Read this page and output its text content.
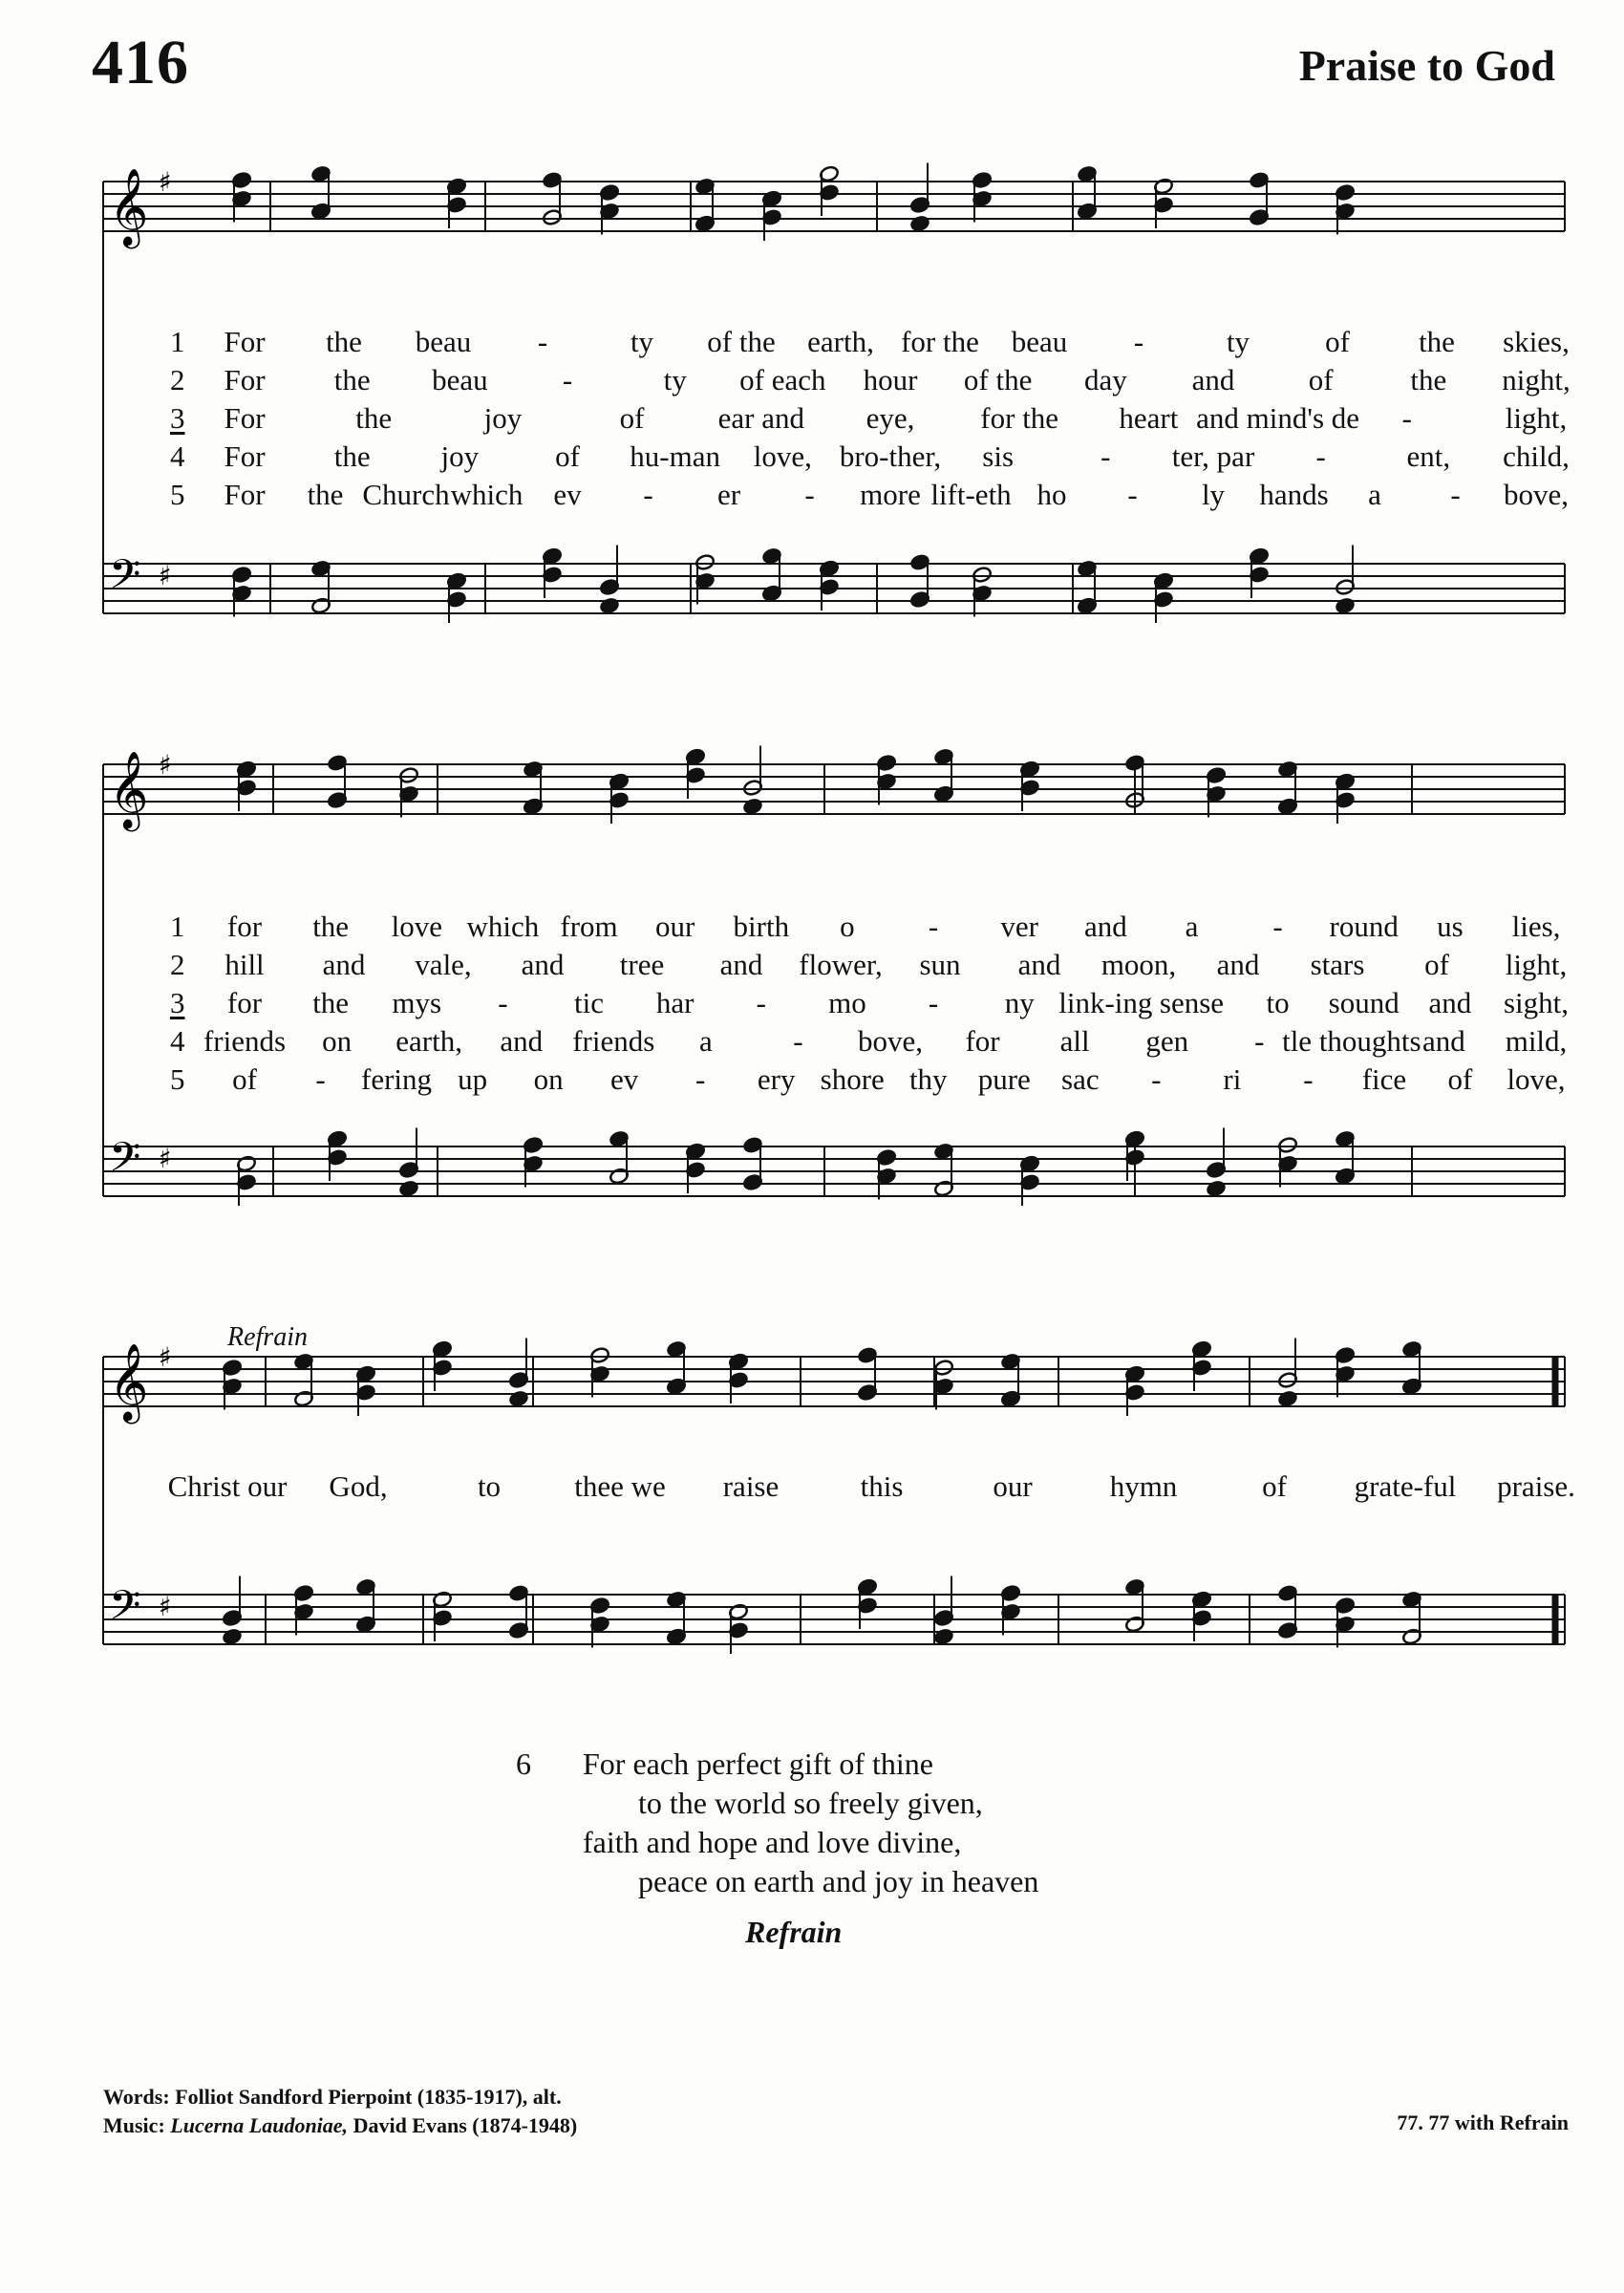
416	Praise to God
𝄞 ♯
𝄢 ♯
1 For the beau -	ty of the earth, for the beau -	ty	of the skies,
2 For the beau	-	ty of each hour of the day and of	the night,
3 For	the	joy	of ear and eye, for the heart and mind's de -	light,
4 For the joy	of hu-man love, bro-ther, sis	- ter, par -	ent, child,
5 For the Church which ev - er - more lift-eth ho - ly hands a - bove,
𝄞 ♯
𝄢 ♯
1 for the love which from our birth o - ver and a	- round us lies,
2 hill and vale, and tree and flower, sun and moon, and stars of light,
3 for the mys - tic har - mo - ny link-ing sense to sound and sight,
4 friends on earth, and friends a	- bove, for all gen - tle thoughts and mild,
5 of - fering up on ev - ery shore thy pure sac - ri - fice of love,
Refrain
𝄞 ♯
𝄢 ♯
Christ our God,	to thee we raise	this	our	hymn	of grate-ful praise.
6 For each perfect gift of thine
to the world so freely given,
faith and hope and love divine,
peace on earth and joy in heaven
Refrain
Words: Folliot Sandford Pierpoint (1835-1917), alt.
Music: Lucerna Laudoniae, David Evans (1874-1948)	77. 77 with Refrain
